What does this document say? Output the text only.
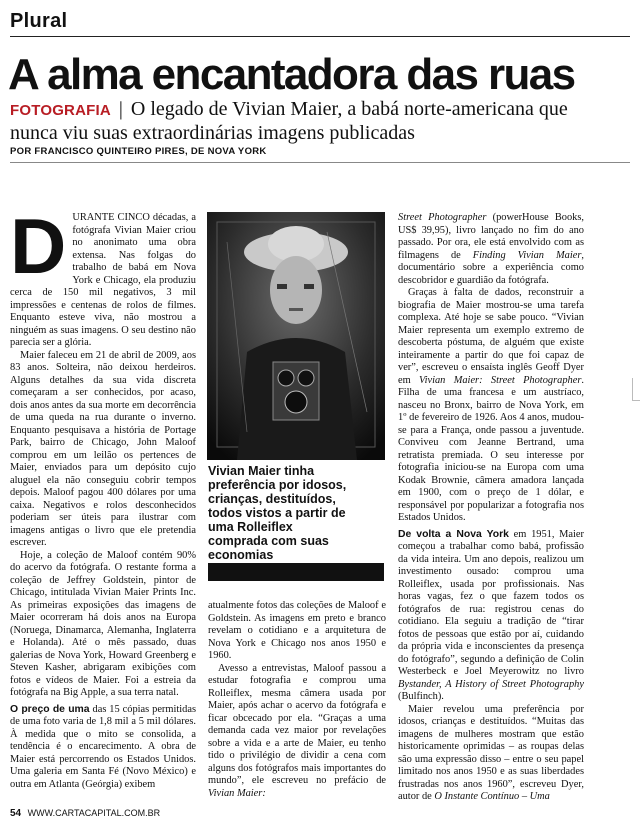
Plural
A alma encantadora das ruas
FOTOGRAFIA | O legado de Vivian Maier, a babá norte-americana que nunca viu suas extraordinárias imagens publicadas
POR FRANCISCO QUINTEIRO PIRES, DE NOVA YORK
D URANTE CINCO décadas, a fotógrafa Vivian Maier criou no anonimato uma obra extensa. Nas folgas do trabalho de babá em Nova York e Chicago, ela produziu cerca de 150 mil negativos, 3 mil impressões e centenas de rolos de filmes. Enquanto esteve viva, não mostrou a ninguém as suas imagens. O seu destino não parecia ser a glória.

Maier faleceu em 21 de abril de 2009, aos 83 anos. Solteira, não deixou herdeiros. Alguns detalhes da sua vida discreta começaram a ser conhecidos, por acaso, dois anos antes da sua morte em decorrência de uma queda na rua durante o inverno. Enquanto pesquisava a história de Portage Park, bairro de Chicago, John Maloof comprou em um leilão os pertences de Maier, enviados para um depósito cujo aluguel ela não conseguiu cobrir tempos depois. Maloof pagou 400 dólares por uma caixa. Negativos e rolos desconhecidos poderiam ser úteis para ilustrar com imagens antigas o livro que ele pretendia escrever.

Hoje, a coleção de Maloof contém 90% do acervo da fotógrafa. O restante forma a coleção de Jeffrey Goldstein, pintor de Chicago, intitulada Vivian Maier Prints Inc. As primeiras exposições das imagens de Maier ocorreram há dois anos na Europa (Noruega, Dinamarca, Alemanha, Inglaterra e Holanda). Até o mês passado, duas galerias de Nova York, Howard Greenberg e Steven Kasher, abrigaram exibições com fotos e vídeos de Maier. Foi a estreia da fotógrafa na Big Apple, a sua terra natal.

O preço de uma das 15 cópias permitidas de uma foto varia de 1,8 mil a 5 mil dólares. À medida que o mito se consolida, a tendência é o encarecimento. A obra de Maier está percorrendo os Estados Unidos. Uma galeria em Santa Fé (Novo México) e outra em Atlanta (Geórgia) exibem

Vivian Maier tinha preferência por idosos, crianças, destituídos, todos vistos a partir de uma Rolleiflex comprada com suas economias

atualmente fotos das coleções de Maloof e Goldstein. As imagens em preto e branco revelam o cotidiano e a arquitetura de Nova York e Chicago nos anos 1950 e 1960.

Avesso a entrevistas, Maloof passou a estudar fotografia e comprou uma Rolleiflex, mesma câmera usada por Maier, após achar o acervo da fotógrafa e ficar obcecado por ela. “Graças a uma demanda cada vez maior por revelações sobre a vida e a arte de Maier, eu tenho tido o privilégio de dividir a cena com alguns dos fotógrafos mais importantes do mundo”, ele escreveu no prefácio de Vivian Maier:

Street Photographer (powerHouse Books, US$ 39,95), livro lançado no fim do ano passado. Por ora, ele está envolvido com as filmagens de Finding Vivian Maier, documentário sobre a experiência como descobridor e guardião da fotógrafa.

Graças à falta de dados, reconstruir a biografia de Maier mostrou-se uma tarefa complexa. Até hoje se sabe pouco. “Vivian Maier representa um exemplo extremo de descoberta póstuma, de alguém que existe inteiramente a partir do que foi capaz de ver”, escreveu o ensaísta inglês Geoff Dyer em Vivian Maier: Street Photographer. Filha de uma francesa e um austríaco, nasceu no Bronx, bairro de Nova York, em 1º de fevereiro de 1926. Aos 4 anos, mudou-se para a França, onde passou a juventude. Conviveu com Jeanne Bertrand, uma retratista premiada. O seu interesse por fotografia iniciou-se na Europa com uma Kodak Brownie, câmera amadora lançada em 1900, com o preço de 1 dólar, e responsável por popularizar a fotografia nos Estados Unidos.

De volta a Nova York em 1951, Maier começou a trabalhar como babá, profissão da vida inteira. Um ano depois, realizou um investimento ousado: comprou uma Rolleiflex, usada por profissionais. Nas horas vagas, fez o que fazem todos os fotógrafos de rua: registrou cenas do cotidiano. Ela seguiu a tradição de “tirar fotos de pessoas que estão por aí, cuidando da própria vida e inconscientes da presença do fotógrafo”, segundo a definição de Colin Westerbeck e Joel Meyerowitz no livro Bystander, A History of Street Photography (Bulfinch).

Maier revelou uma preferência por idosos, crianças e destituídos. “Muitas das imagens de mulheres mostram que estão historicamente oprimidas – as roupas delas são uma expressão disso – entre o seu papel limitado nos anos 1950 e as suas liberdades frustradas nos anos 1960”, escreveu Dyer, autor de O Instante Contínuo – Uma

54 WWW.CARTACAPITAL.COM.BR
